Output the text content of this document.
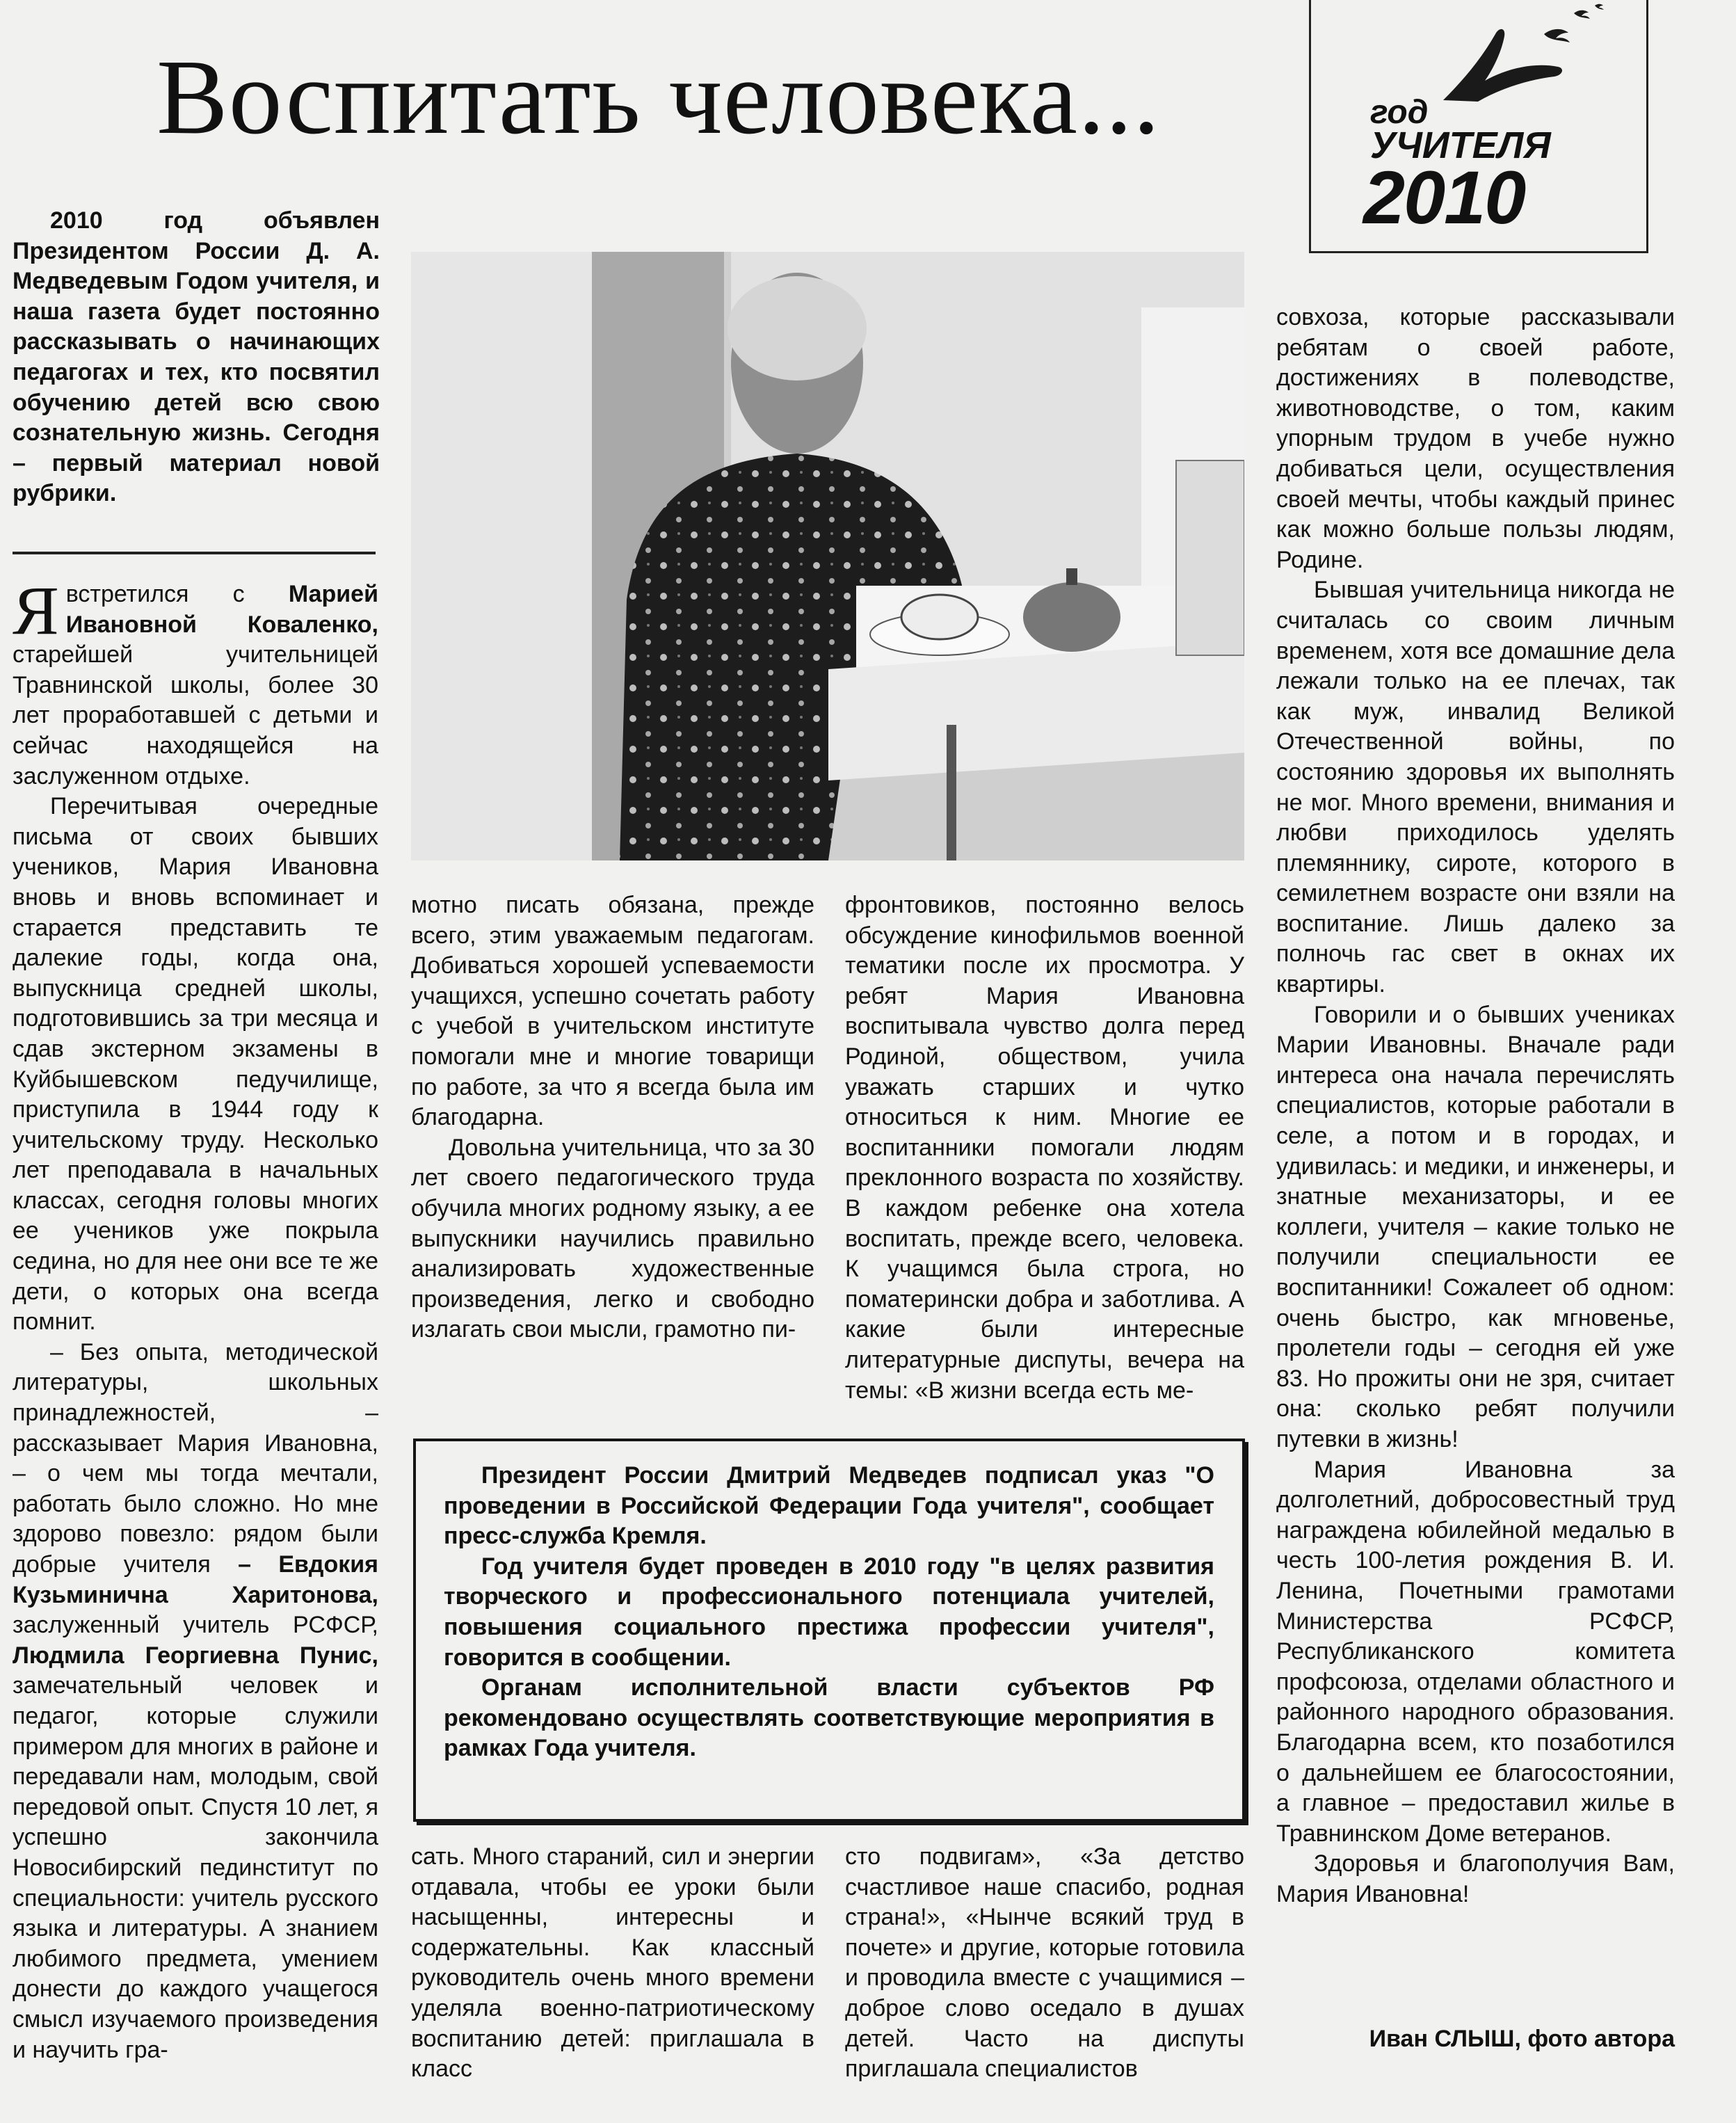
Воспитать человека...	год
УЧИТЕЛЯ
2010
2010 год объявлен Президентом России Д. А. Медведевым Годом учителя, и наша газета будет постоянно рассказывать о начинающих педагогах и тех, кто посвятил обучению детей всю свою сознательную жизнь. Сегодня – первый материал новой рубрики.

Я встретился с Марией Ивановной Коваленко, старейшей учительницей Травнинской школы, более 30 лет проработавшей с детьми и сейчас находящейся на заслуженном отдыхе.

Перечитывая очередные письма от своих бывших учеников, Мария Ивановна вновь и вновь вспоминает и старается представить те далекие годы, когда она, выпускница средней школы, подготовившись за три месяца и сдав экстерном экзамены в Куйбышевском педучилище, приступила в 1944 году к учительскому труду. Несколько лет преподавала в начальных классах, сегодня головы многих ее учеников уже покрыла седина, но для нее они все те же дети, о которых она всегда помнит.

– Без опыта, методической литературы, школьных принадлежностей, – рассказывает Мария Ивановна, – о чем мы тогда мечтали, работать было сложно. Но мне здорово повезло: рядом были добрые учителя – Евдокия Кузьминична Харитонова, заслуженный учитель РСФСР, Людмила Георгиевна Пунис, замечательный человек и педагог, которые служили примером для многих в районе и передавали нам, молодым, свой передовой опыт. Спустя 10 лет, я успешно закончила Новосибирский пединститут по специальности: учитель русского языка и литературы. А знанием любимого предмета, умением донести до каждого учащегося смысл изучаемого произведения и научить гра-

мотно писать обязана, прежде всего, этим уважаемым педагогам. Добиваться хорошей успеваемости учащихся, успешно сочетать работу с учебой в учительском институте помогали мне и многие товарищи по работе, за что я всегда была им благодарна.

Довольна учительница, что за 30 лет своего педагогического труда обучила многих родному языку, а ее выпускники научились правильно анализировать художественные произведения, легко и свободно излагать свои мысли, грамотно пи-

фронтовиков, постоянно велось обсуждение кинофильмов военной тематики после их просмотра. У ребят Мария Ивановна воспитывала чувство долга перед Родиной, обществом, учила уважать старших и чутко относиться к ним. Многие ее воспитанники помогали людям преклонного возраста по хозяйству. В каждом ребенке она хотела воспитать, прежде всего, человека. К учащимся была строга, но поматерински добра и заботлива. А какие были интересные литературные диспуты, вечера на темы: «В жизни всегда есть ме-

совхоза, которые рассказывали ребятам о своей работе, достижениях в полеводстве, животноводстве, о том, каким упорным трудом в учебе нужно добиваться цели, осуществления своей мечты, чтобы каждый принес как можно больше пользы людям, Родине.

Бывшая учительница никогда не считалась со своим личным временем, хотя все домашние дела лежали только на ее плечах, так как муж, инвалид Великой Отечественной войны, по состоянию здоровья их выполнять не мог. Много времени, внимания и любви приходилось уделять племяннику, сироте, которого в семилетнем возрасте они взяли на воспитание. Лишь далеко за полночь гас свет в окнах их квартиры.

Говорили и о бывших учениках Марии Ивановны. Вначале ради интереса она начала перечислять специалистов, которые работали в селе, а потом и в городах, и удивилась: и медики, и инженеры, и знатные механизаторы, и ее коллеги, учителя – какие только не получили специальности ее воспитанники! Сожалеет об одном: очень быстро, как мгновенье, пролетели годы – сегодня ей уже 83. Но прожиты они не зря, считает она: сколько ребят получили путевки в жизнь!

Мария Ивановна за долголетний, добросовестный труд награждена юбилейной медалью в честь 100-летия рождения В. И. Ленина, Почетными грамотами Министерства РСФСР, Республиканского комитета профсоюза, отделами областного и районного народного образования. Благодарна всем, кто позаботился о дальнейшем ее благосостоянии, а главное – предоставил жилье в Травнинском Доме ветеранов.

Здоровья и благополучия Вам, Мария Ивановна!

Президент России Дмитрий Медведев подписал указ "О проведении в Российской Федерации Года учителя", сообщает пресс-служба Кремля.

Год учителя будет проведен в 2010 году "в целях развития творческого и профессионального потенциала учителей, повышения социального престижа профессии учителя", говорится в сообщении.

Органам исполнительной власти субъектов РФ рекомендовано осуществлять соответствующие мероприятия в рамках Года учителя.

сать. Много стараний, сил и энергии отдавала, чтобы ее уроки были насыщенны, интересны и содержательны. Как классный руководитель очень много времени уделяла военно-патриотическому воспитанию детей: приглашала в класс

сто подвигам», «За детство счастливое наше спасибо, родная страна!», «Нынче всякий труд в почете» и другие, которые готовила и проводила вместе с учащимися – доброе слово оседало в душах детей. Часто на диспуты приглашала специалистов

Иван СЛЫШ, фото автора
